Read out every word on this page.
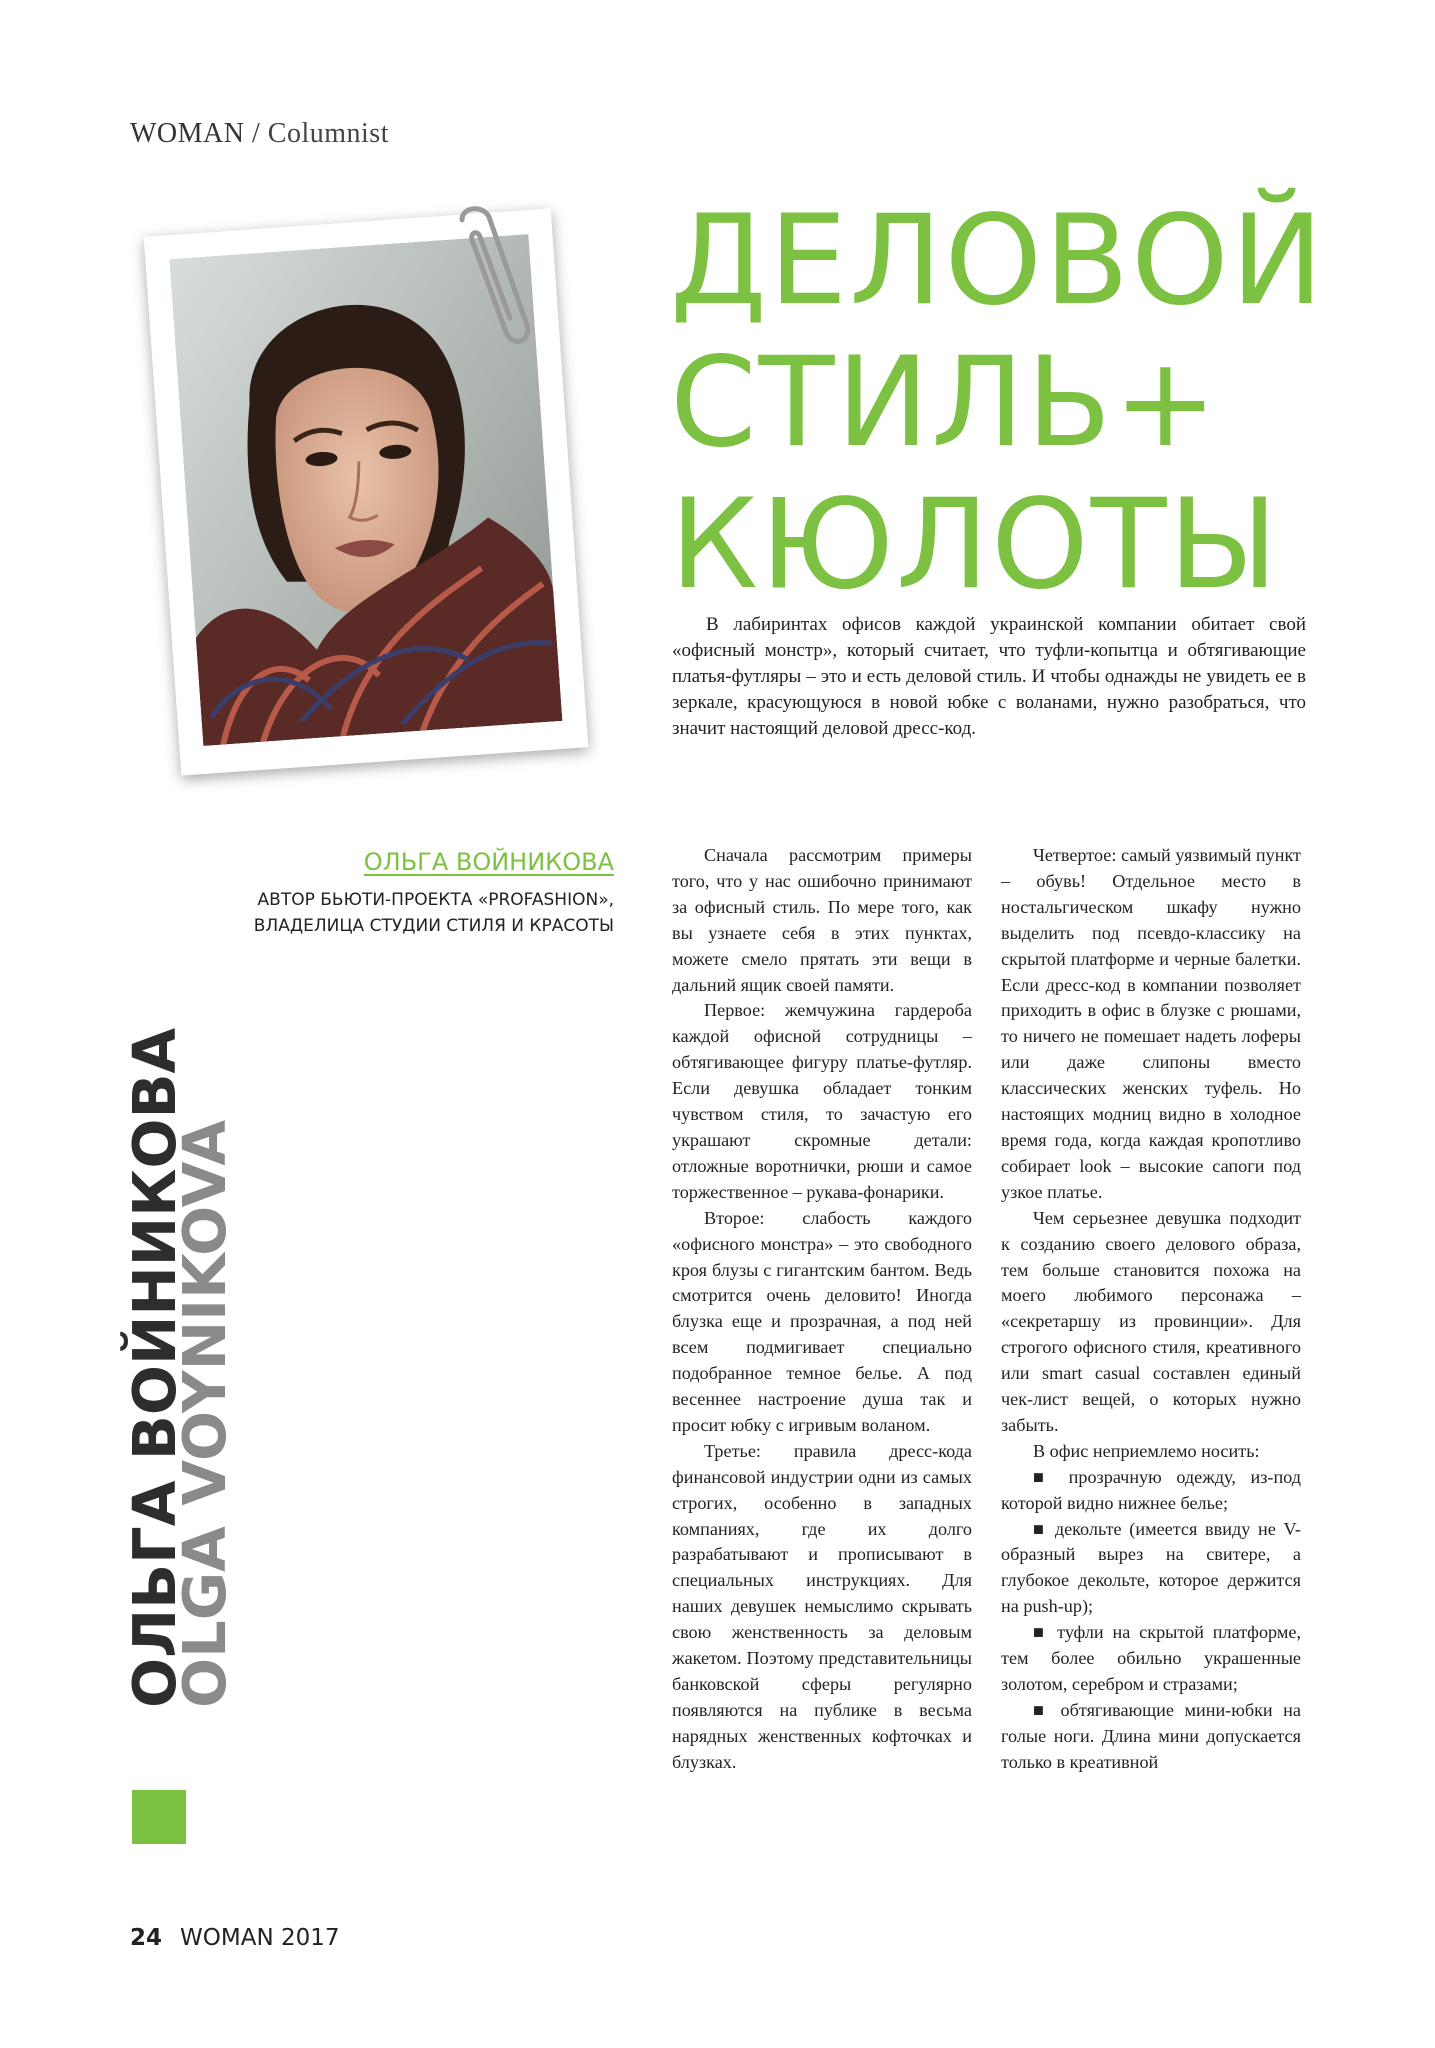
WOMAN / Columnist
ДЕЛОВОЙ
СТИЛЬ+
КЮЛОТЫ

В лабиринтах офисов каждой украинской компании обитает свой «офисный монстр», который считает, что туфли-копытца и обтягивающие платья-футляры – это и есть деловой стиль. И чтобы однажды не увидеть ее в зеркале, красующуюся в новой юбке с воланами, нужно разобраться, что значит настоящий деловой дресс-код.

ОЛЬГА ВОЙНИКОВА
АВТОР БЬЮТИ-ПРОЕКТА «PROFASHION»,
ВЛАДЕЛИЦА СТУДИИ СТИЛЯ И КРАСОТЫ
ОЛЬГА ВОЙНИКОВА
OLGA VOYNIKOVA

Сначала рассмотрим примеры того, что у нас ошибочно принимают за офисный стиль. По мере того, как вы узнаете себя в этих пунктах, можете смело прятать эти вещи в дальний ящик своей памяти.

Первое: жемчужина гардероба каждой офисной сотрудницы – обтягивающее фигуру платье-футляр. Если девушка обладает тонким чувством стиля, то зачастую его украшают скромные детали: отложные воротнички, рюши и самое торжественное – рукава-фонарики.

Второе: слабость каждого «офисного монстра» – это свободного кроя блузы с гигантским бантом. Ведь смотрится очень деловито! Иногда блузка еще и прозрачная, а под ней всем подмигивает специально подобранное темное белье. А под весеннее настроение душа так и просит юбку с игривым воланом.

Третье: правила дресс-кода финансовой индустрии одни из самых строгих, особенно в западных компаниях, где их долго разрабатывают и прописывают в специальных инструкциях. Для наших девушек немыслимо скрывать свою женственность за деловым жакетом. Поэтому представительницы банковской сферы регулярно появляются на публике в весьма нарядных женственных кофточках и блузках.

Четвертое: самый уязвимый пункт – обувь! Отдельное место в ностальгическом шкафу нужно выделить под псевдо-классику на скрытой платформе и черные балетки. Если дресс-код в компании позволяет приходить в офис в блузке с рюшами, то ничего не помешает надеть лоферы или даже слипоны вместо классических женских туфель. Но настоящих модниц видно в холодное время года, когда каждая кропотливо собирает look – высокие сапоги под узкое платье.

Чем серьезнее девушка подходит к созданию своего делового образа, тем больше становится похожа на моего любимого персонажа – «секретаршу из провинции». Для строгого офисного стиля, креативного или smart casual составлен единый чек-лист вещей, о которых нужно забыть.

В офис неприемлемо носить:

■ прозрачную одежду, из-под которой видно нижнее белье;

■ декольте (имеется ввиду не V-образный вырез на свитере, а глубокое декольте, которое держится на push-up);

■ туфли на скрытой платформе, тем более обильно украшенные золотом, серебром и стразами;

■ обтягивающие мини-юбки на голые ноги. Длина мини допускается только в креативной

24 WOMAN 2017
